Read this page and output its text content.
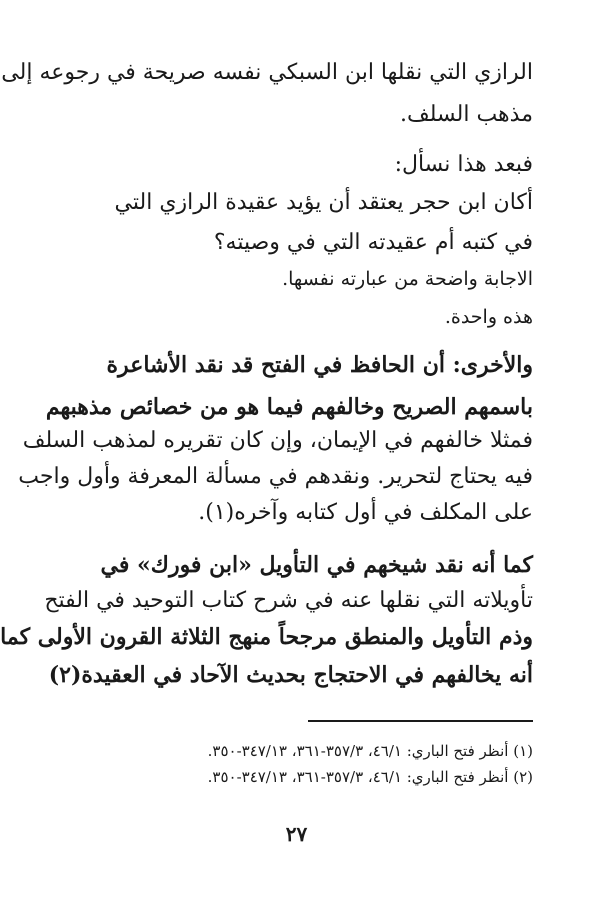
الرازي التي نقلها ابن السبكي نفسه صريحة في رجوعه إلى
مذهب السلف.
فبعد هذا نسأل:
أكان ابن حجر يعتقد أن يؤيد عقيدة الرازي التي
في كتبه أم عقيدته التي في وصيته؟
الاجابة واضحة من عبارته نفسها.
هذه واحدة.
والأخرى: أن الحافظ في الفتح قد نقد الأشاعرة
باسمهم الصريح وخالفهم فيما هو من خصائص مذهبهم
فمثلا خالفهم في الإيمان، وإن كان تقريره لمذهب السلف
فيه يحتاج لتحرير. ونقدهم في مسألة المعرفة وأول واجب
على المكلف في أول كتابه وآخره(١).
كما أنه نقد شيخهم في التأويل «ابن فورك» في
تأويلاته التي نقلها عنه في شرح كتاب التوحيد في الفتح
وذم التأويل والمنطق مرجحاً منهج الثلاثة القرون الأولى كما
أنه يخالفهم في الاحتجاج بحديث الآحاد في العقيدة(٢)
(١) أنظر فتح الباري: ٤٦/١، ٣٥٧/٣-٣٦١، ٣٤٧/١٣-٣٥٠.
(٢) أنظر فتح الباري: ٤٦/١، ٣٥٧/٣-٣٦١، ٣٤٧/١٣-٣٥٠.
٢٧
